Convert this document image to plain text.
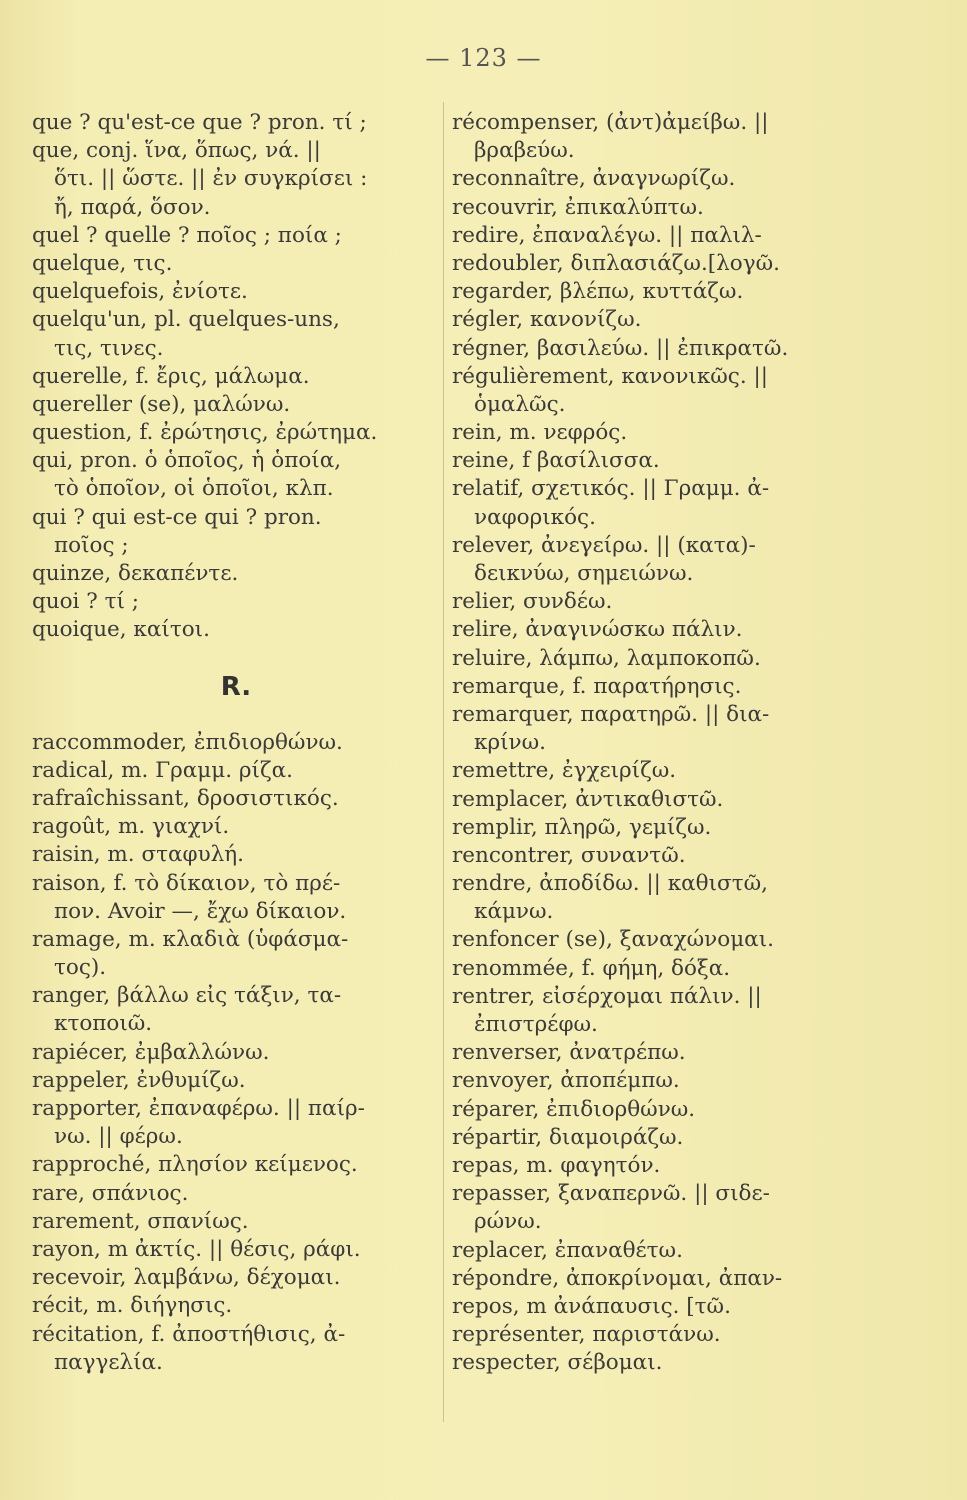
— 123 —
que ? qu'est-ce que ? pron. τί ;
que, conj. ἵνα, ὅπως, νά. ||
ὅτι. || ὥστε. || ἐν συγκρίσει :
ἤ, παρά, ὅσον.
quel ? quelle ? ποῖος ; ποία ;
quelque, τις.
quelquefois, ἐνίοτε.
quelqu'un, pl. quelques-uns,
τις, τινες.
querelle, f. ἔρις, μάλωμα.
quereller (se), μαλώνω.
question, f. ἐρώτησις, ἐρώτημα.
qui, pron. ὁ ὁποῖος, ἡ ὁποία,
τὸ ὁποῖον, οἱ ὁποῖοι, κλπ.
qui ? qui est-ce qui ? pron.
ποῖος ;
quinze, δεκαπέντε.
quoi ? τί ;
quoique, καίτοι.
R.
raccommoder, ἐπιδιορθώνω.
radical, m. Γραμμ. ρίζα.
rafraîchissant, δροσιστικός.
ragoût, m. γιαχνί.
raisin, m. σταφυλή.
raison, f. τὸ δίκαιον, τὸ πρέ-
πον. Avoir —, ἔχω δίκαιον.
ramage, m. κλαδιὰ (ὑφάσμα-
τος).
ranger, βάλλω εἰς τάξιν, τα-
κτοποιῶ.
rapiécer, ἐμβαλλώνω.
rappeler, ἐνθυμίζω.
rapporter, ἐπαναφέρω. || παίρ-
νω. || φέρω.
rapproché, πλησίον κείμενος.
rare, σπάνιος.
rarement, σπανίως.
rayon, m ἀκτίς. || θέσις, ράφι.
recevoir, λαμβάνω, δέχομαι.
récit, m. διήγησις.
récitation, f. ἀποστήθισις, ἀ-
παγγελία.
récompenser, (ἀντ)ἀμείβω. ||
βραβεύω.
reconnaître, ἀναγνωρίζω.
recouvrir, ἐπικαλύπτω.
redire, ἐπαναλέγω. || παλιλ-
redoubler, διπλασιάζω.[λογῶ.
regarder, βλέπω, κυττάζω.
régler, κανονίζω.
régner, βασιλεύω. || ἐπικρατῶ.
régulièrement, κανονικῶς. ||
ὁμαλῶς.
rein, m. νεφρός.
reine, f βασίλισσα.
relatif, σχετικός. || Γραμμ. ἀ-
ναφορικός.
relever, ἀνεγείρω. || (κατα)-
δεικνύω, σημειώνω.
relier, συνδέω.
relire, ἀναγινώσκω πάλιν.
reluire, λάμπω, λαμποκοπῶ.
remarque, f. παρατήρησις.
remarquer, παρατηρῶ. || δια-
κρίνω.
remettre, ἐγχειρίζω.
remplacer, ἀντικαθιστῶ.
remplir, πληρῶ, γεμίζω.
rencontrer, συναντῶ.
rendre, ἀποδίδω. || καθιστῶ,
κάμνω.
renfoncer (se), ξαναχώνομαι.
renommée, f. φήμη, δόξα.
rentrer, εἰσέρχομαι πάλιν. ||
ἐπιστρέφω.
renverser, ἀνατρέπω.
renvoyer, ἀποπέμπω.
réparer, ἐπιδιορθώνω.
répartir, διαμοιράζω.
repas, m. φαγητόν.
repasser, ξαναπερνῶ. || σιδε-
ρώνω.
replacer, ἐπαναθέτω.
répondre, ἀποκρίνομαι, ἀπαν-
repos, m ἀνάπαυσις. [τῶ.
représenter, παριστάνω.
respecter, σέβομαι.
